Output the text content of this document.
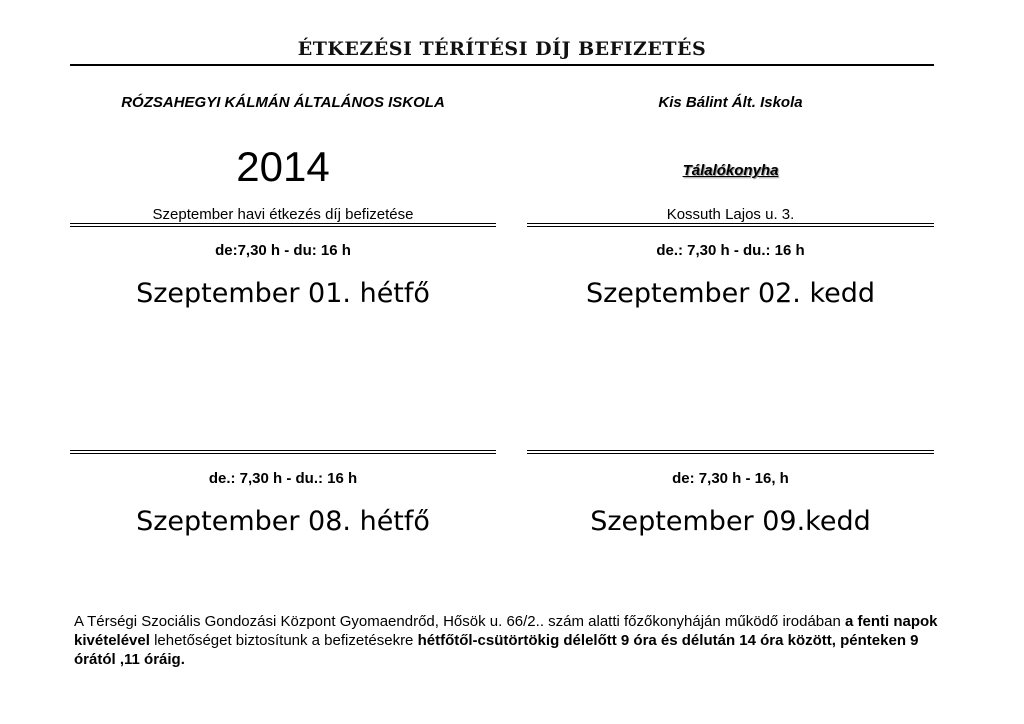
ÉTKEZÉSI TÉRÍTÉSI DÍJ BEFIZETÉS
RÓZSAHEGYI KÁLMÁN ÁLTALÁNOS ISKOLA
2014
Szeptember havi étkezés díj befizetése
de:7,30 h - du: 16 h
Szeptember 01. hétfő
de.: 7,30 h - du.: 16 h
Szeptember 08. hétfő
Kis Bálint Ált. Iskola
Tálalókonyha
Kossuth Lajos u. 3.
de.: 7,30 h - du.: 16 h
Szeptember 02. kedd
de: 7,30 h - 16, h
Szeptember 09.kedd
A Térségi Szociális Gondozási Központ Gyomaendrőd, Hősök u. 66/2.. szám alatti főzőkonyháján működő irodában a fenti napok kivételével lehetőséget biztosítunk a befizetésekre hétfőtől-csütörtökig délelőtt 9 óra és délután 14 óra között, pénteken 9 órától ,11 óráig.
